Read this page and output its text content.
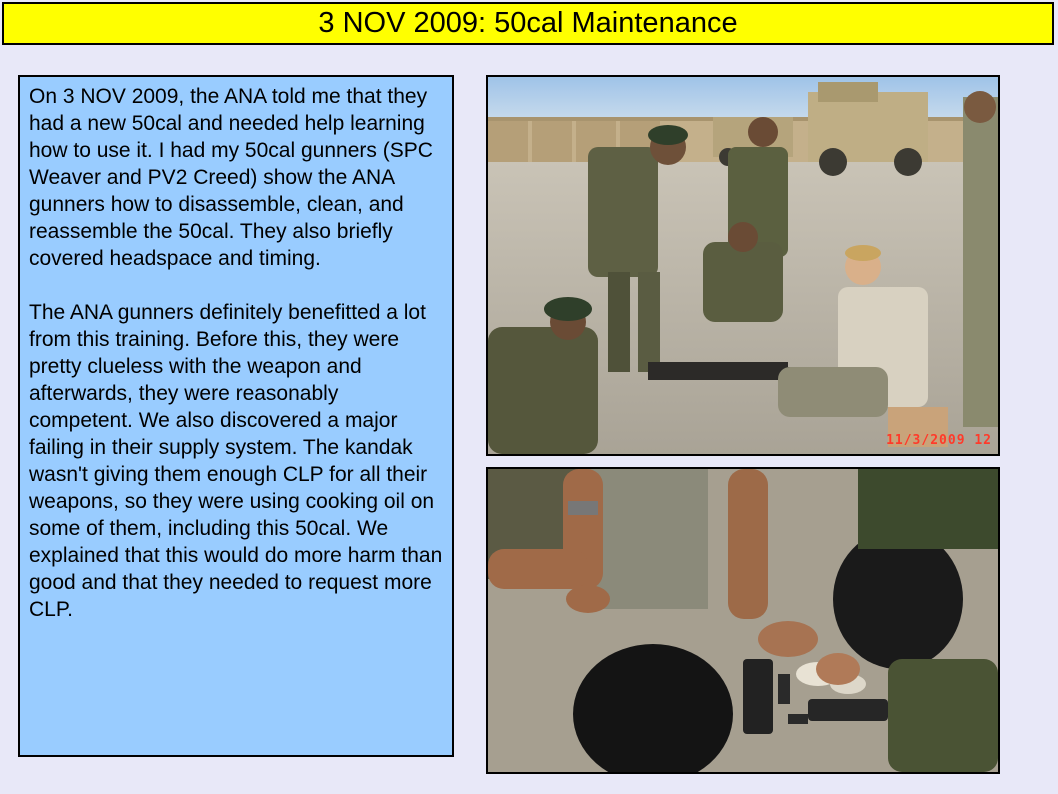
3 NOV 2009: 50cal Maintenance

On 3 NOV 2009, the ANA told me that they had a new 50cal and needed help learning how to use it. I had my 50cal gunners (SPC Weaver and PV2 Creed) show the ANA gunners how to disassemble, clean, and reassemble the 50cal. They also briefly covered headspace and timing.

The ANA gunners definitely benefitted a lot from this training. Before this, they were pretty clueless with the weapon and afterwards, they were reasonably competent. We also discovered a major failing in their supply system. The kandak wasn't giving them enough CLP for all their weapons, so they were using cooking oil on some of them, including this 50cal. We explained that this would do more harm than good and that they needed to request more CLP.

11/3/2009 12
